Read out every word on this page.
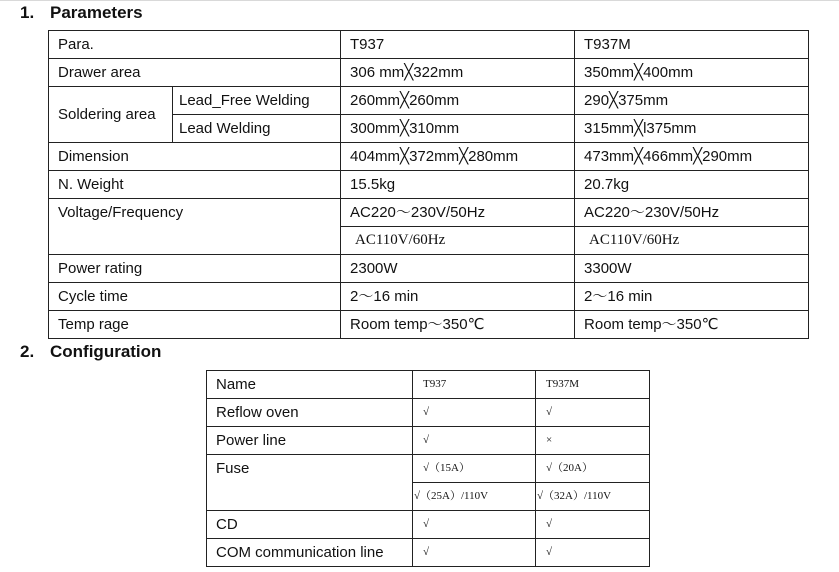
1. Parameters
Para.		T937	T937M
Drawer area		306 mm╳322mm	350mm╳400mm
Soldering area	Lead_Free Welding	260mm╳260mm	290╳375mm
	Lead Welding	300mm╳310mm	315mm╳l375mm
Dimension		404mm╳372mm╳280mm	473mm╳466mm╳290mm
N. Weight		15.5kg	20.7kg
Voltage/Frequency		AC220～230V/50Hz	AC220～230V/50Hz
		AC110V/60Hz	AC110V/60Hz
Power rating		2300W	3300W
Cycle time		2～16 min	2～16 min
Temp rage		Room temp～350℃	Room temp～350℃
2. Configuration
Name	T937	T937M
Reflow oven	√	√
Power line	√	×
Fuse	√（15A）	√（20A）
	√（25A）/110V	√（32A）/110V
CD	√	√
COM communication line	√	√
